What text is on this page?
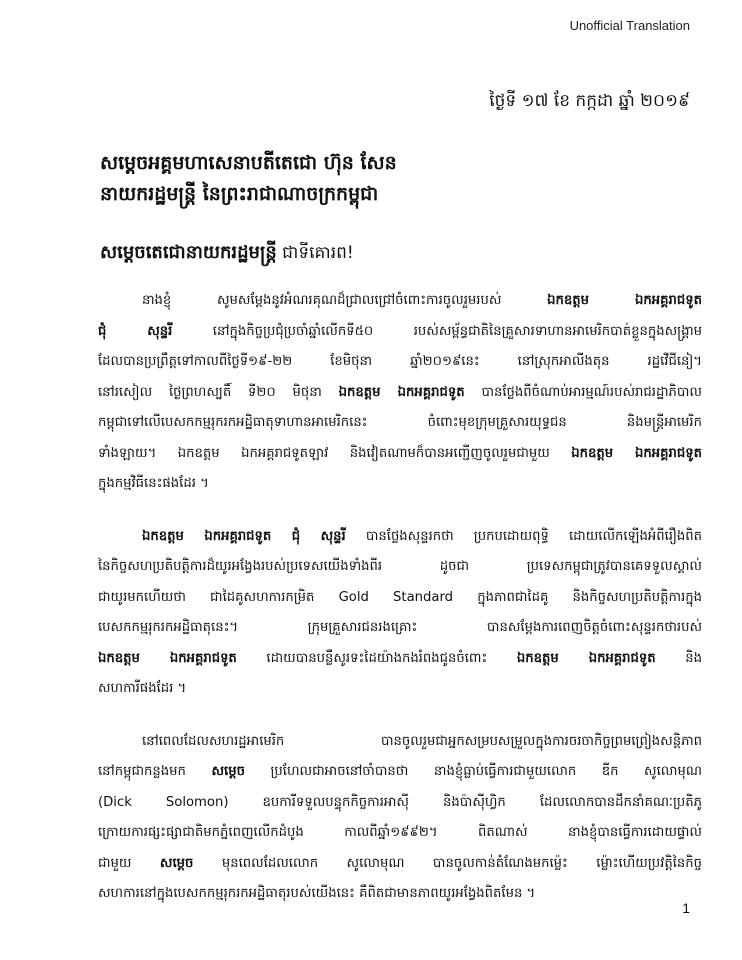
Unofficial Translation
ថ្ងៃទី ១៧ ខែ កក្កដា ឆ្នាំ ២០១៩
សម្តេចអគ្គមហាសេនាបតីតេជោ ហ៊ុន សែន
នាយករដ្ឋមន្ត្រី នៃព្រះរាជាណាចក្រកម្ពុជា
សម្តេចតេជោនាយករដ្ឋមន្ត្រី ជាទីគោរព!
នាងខ្ញុំ សូមសម្តែងនូវអំណរគុណដ៏ជ្រាលជ្រៅចំពោះការចូលរួមរបស់ ឯកឧត្តម ឯកអគ្គរាជទូត
ជុំ សុន្ទរី នៅក្នុងកិច្ចប្រជុំប្រចាំឆ្នាំលើកទី៥០ របស់សម្ព័ន្ធជាតិនៃគ្រួសារទាហានអាមេរិកបាត់ខ្លួនក្នុងសង្គ្រាម
ដែលបានប្រព្រឹត្តទៅកាលពីថ្ងៃទី១៩-២២ ខែមិថុនា ឆ្នាំ២០១៩នេះ នៅស្រុកអាលីងតុន រដ្ឋវើជីនៀ។
នៅរសៀល ថ្ងៃព្រហស្បតិ៍ ទី២០ មិថុនា ឯកឧត្តម ឯកអគ្គរាជទូត បានថ្លែងពីចំណាប់អារម្មណ៍របស់រាជរដ្ឋាភិបាល
កម្ពុជាទៅលើបេសកកម្មរុករកអដ្ឋិធាតុទាហានអាមេរិកនេះ ចំពោះមុខក្រុមគ្រួសារយុទ្ធជន និងមន្ត្រីអាមេរិក
ទាំងឡាយ។ ឯកឧត្តម ឯកអគ្គរាជទូតឡាវ និងវៀតណាមក៏បានអញ្ជើញចូលរួមជាមួយ ឯកឧត្តម ឯកអគ្គរាជទូត
ក្នុងកម្មវិធីនេះផងដែរ ។
ឯកឧត្តម ឯកអគ្គរាជទូត ជុំ សុន្ទរី បានថ្លែងសុន្ទរកថា ប្រកបដោយពុទ្ធិ ដោយលើកឡើងអំពីរឿងពិត
នៃកិច្ចសហប្រតិបត្តិការដ៏យូរអង្វែងរបស់ប្រទេសយើងទាំងពីរ ដូចជា ប្រទេសកម្ពុជាត្រូវបានគេទទួលស្គាល់
ជាយូរមកហើយថា ជាដៃគូសហការកម្រិត Gold Standard ក្នុងភាពជាដៃគូ និងកិច្ចសហប្រតិបត្តិការក្នុង
បេសកកម្មរុករកអដ្ឋិធាតុនេះ។ ក្រុមគ្រួសារជនរងគ្រោះ បានសម្តែងការពេញចិត្តចំពោះសុន្ទរកថារបស់
ឯកឧត្តម ឯកអគ្គរាជទូត ដោយបានបន្លឺសូរទះដៃយ៉ាងកងរំពងជូនចំពោះ ឯកឧត្តម ឯកអគ្គរាជទូត និង
សហការីផងដែរ ។
នៅពេលដែលសហរដ្ឋអាមេរិក បានចូលរួមជាអ្នកសម្របសម្រួលក្នុងការចរចាកិច្ចព្រមព្រៀងសន្តិភាព
នៅកម្ពុជាកន្លងមក សម្តេច ប្រហែលជាអាចនៅចាំបានថា នាងខ្ញុំធ្លាប់ធ្វើការជាមួយលោក ឌីក សូលោមុណ
(Dick Solomon) ឧបការីទទួលបន្ទុកកិច្ចការអាស៊ី និងប៉ាស៊ីហ្វិក ដែលលោកបានដឹកនាំគណៈប្រតិភូ
ក្រោយការផ្សះផ្សាជាតិមកភ្នំពេញលើកដំបូង កាលពីឆ្នាំ១៩៩២។ ពិតណាស់ នាងខ្ញុំបានធ្វើការដោយផ្ទាល់
ជាមួយ សម្តេច មុនពេលដែលលោក សូលោមុណ បានចូលកាន់តំណែងមកម្ល៉េះ ម្ល៉ោះហើយប្រវត្តិនៃកិច្ច
សហការនៅក្នុងបេសកកម្មរុករកអដ្ឋិធាតុរបស់យើងនេះ គឺពិតជាមានភាពយូរអង្វែងពិតមែន ។
1
